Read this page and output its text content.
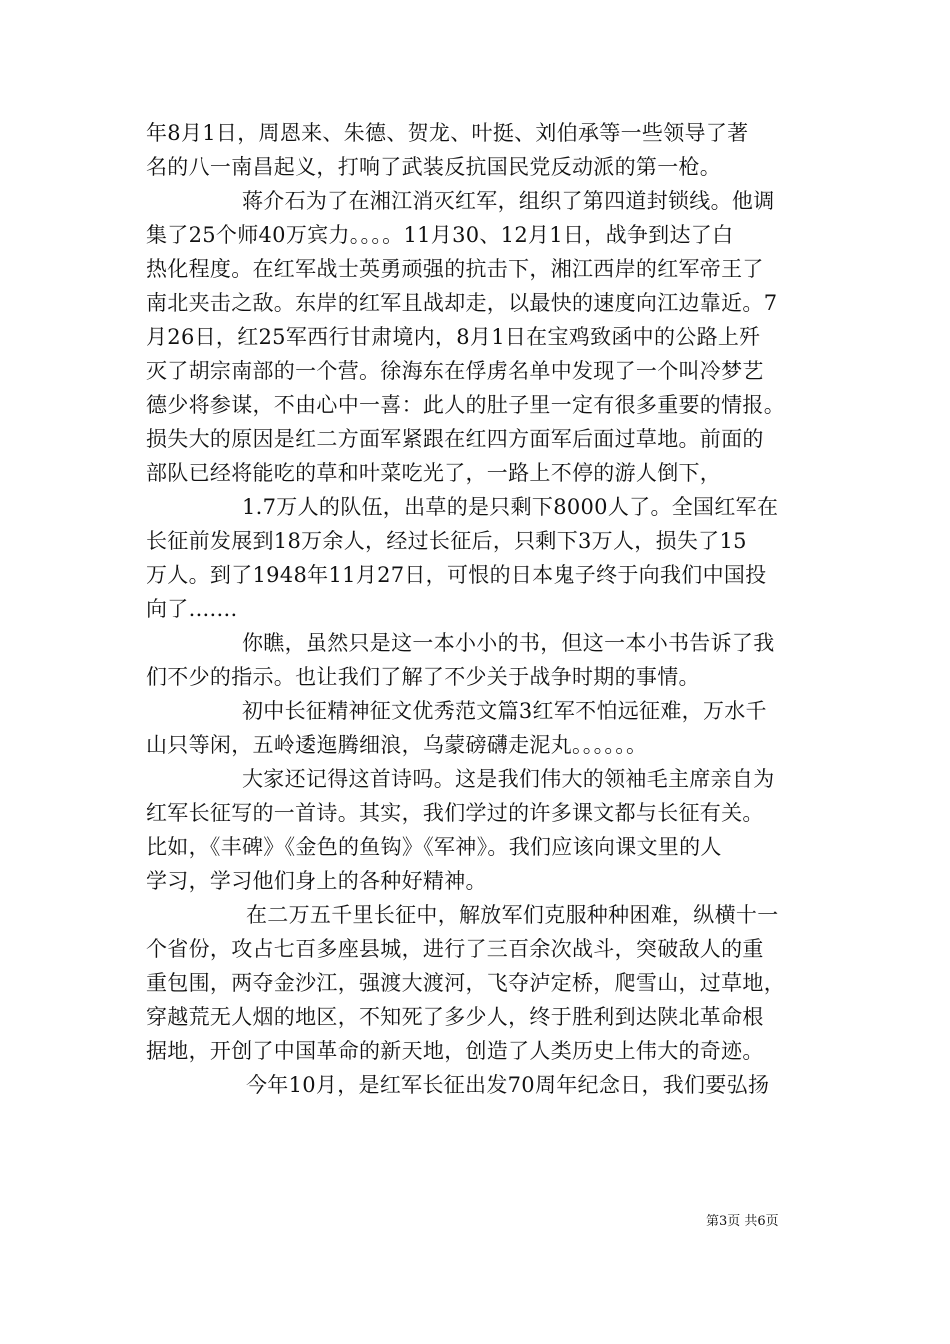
年8月1日，周恩来、朱德、贺龙、叶挺、刘伯承等一些领导了著
名的八一南昌起义，打响了武装反抗国民党反动派的第一枪。
蒋介石为了在湘江消灭红军，组织了第四道封锁线。他调
集了25个师40万宾力。。。。11月30、12月1日，战争到达了白
热化程度。在红军战士英勇顽强的抗击下，湘江西岸的红军帝王了
南北夹击之敌。东岸的红军且战却走，以最快的速度向江边靠近。7
月26日，红25军西行甘肃境内，8月1日在宝鸡致函中的公路上歼
灭了胡宗南部的一个营。徐海东在俘虏名单中发现了一个叫冷梦艺
德少将参谋，不由心中一喜：此人的肚子里一定有很多重要的情报。
损失大的原因是红二方面军紧跟在红四方面军后面过草地。前面的
部队已经将能吃的草和叶菜吃光了，一路上不停的游人倒下，
1.7万人的队伍，出草的是只剩下8000人了。全国红军在
长征前发展到18万余人，经过长征后，只剩下3万人，损失了15
万人。到了1948年11月27日，可恨的日本鬼子终于向我们中国投
向了.......
你瞧，虽然只是这一本小小的书，但这一本小书告诉了我
们不少的指示。也让我们了解了不少关于战争时期的事情。
初中长征精神征文优秀范文篇3红军不怕远征难，万水千
山只等闲，五岭逶迤腾细浪，乌蒙磅礴走泥丸。。。。。。
大家还记得这首诗吗。这是我们伟大的领袖毛主席亲自为
红军长征写的一首诗。其实，我们学过的许多课文都与长征有关。
比如，《丰碑》《金色的鱼钩》《军神》。我们应该向课文里的人
学习，学习他们身上的各种好精神。
在二万五千里长征中，解放军们克服种种困难，纵横十一
个省份，攻占七百多座县城，进行了三百余次战斗，突破敌人的重
重包围，两夺金沙江，强渡大渡河，飞夺泸定桥，爬雪山，过草地，
穿越荒无人烟的地区，不知死了多少人，终于胜利到达陕北革命根
据地，开创了中国革命的新天地，创造了人类历史上伟大的奇迹。
今年10月，是红军长征出发70周年纪念日，我们要弘扬
第3页 共6页
